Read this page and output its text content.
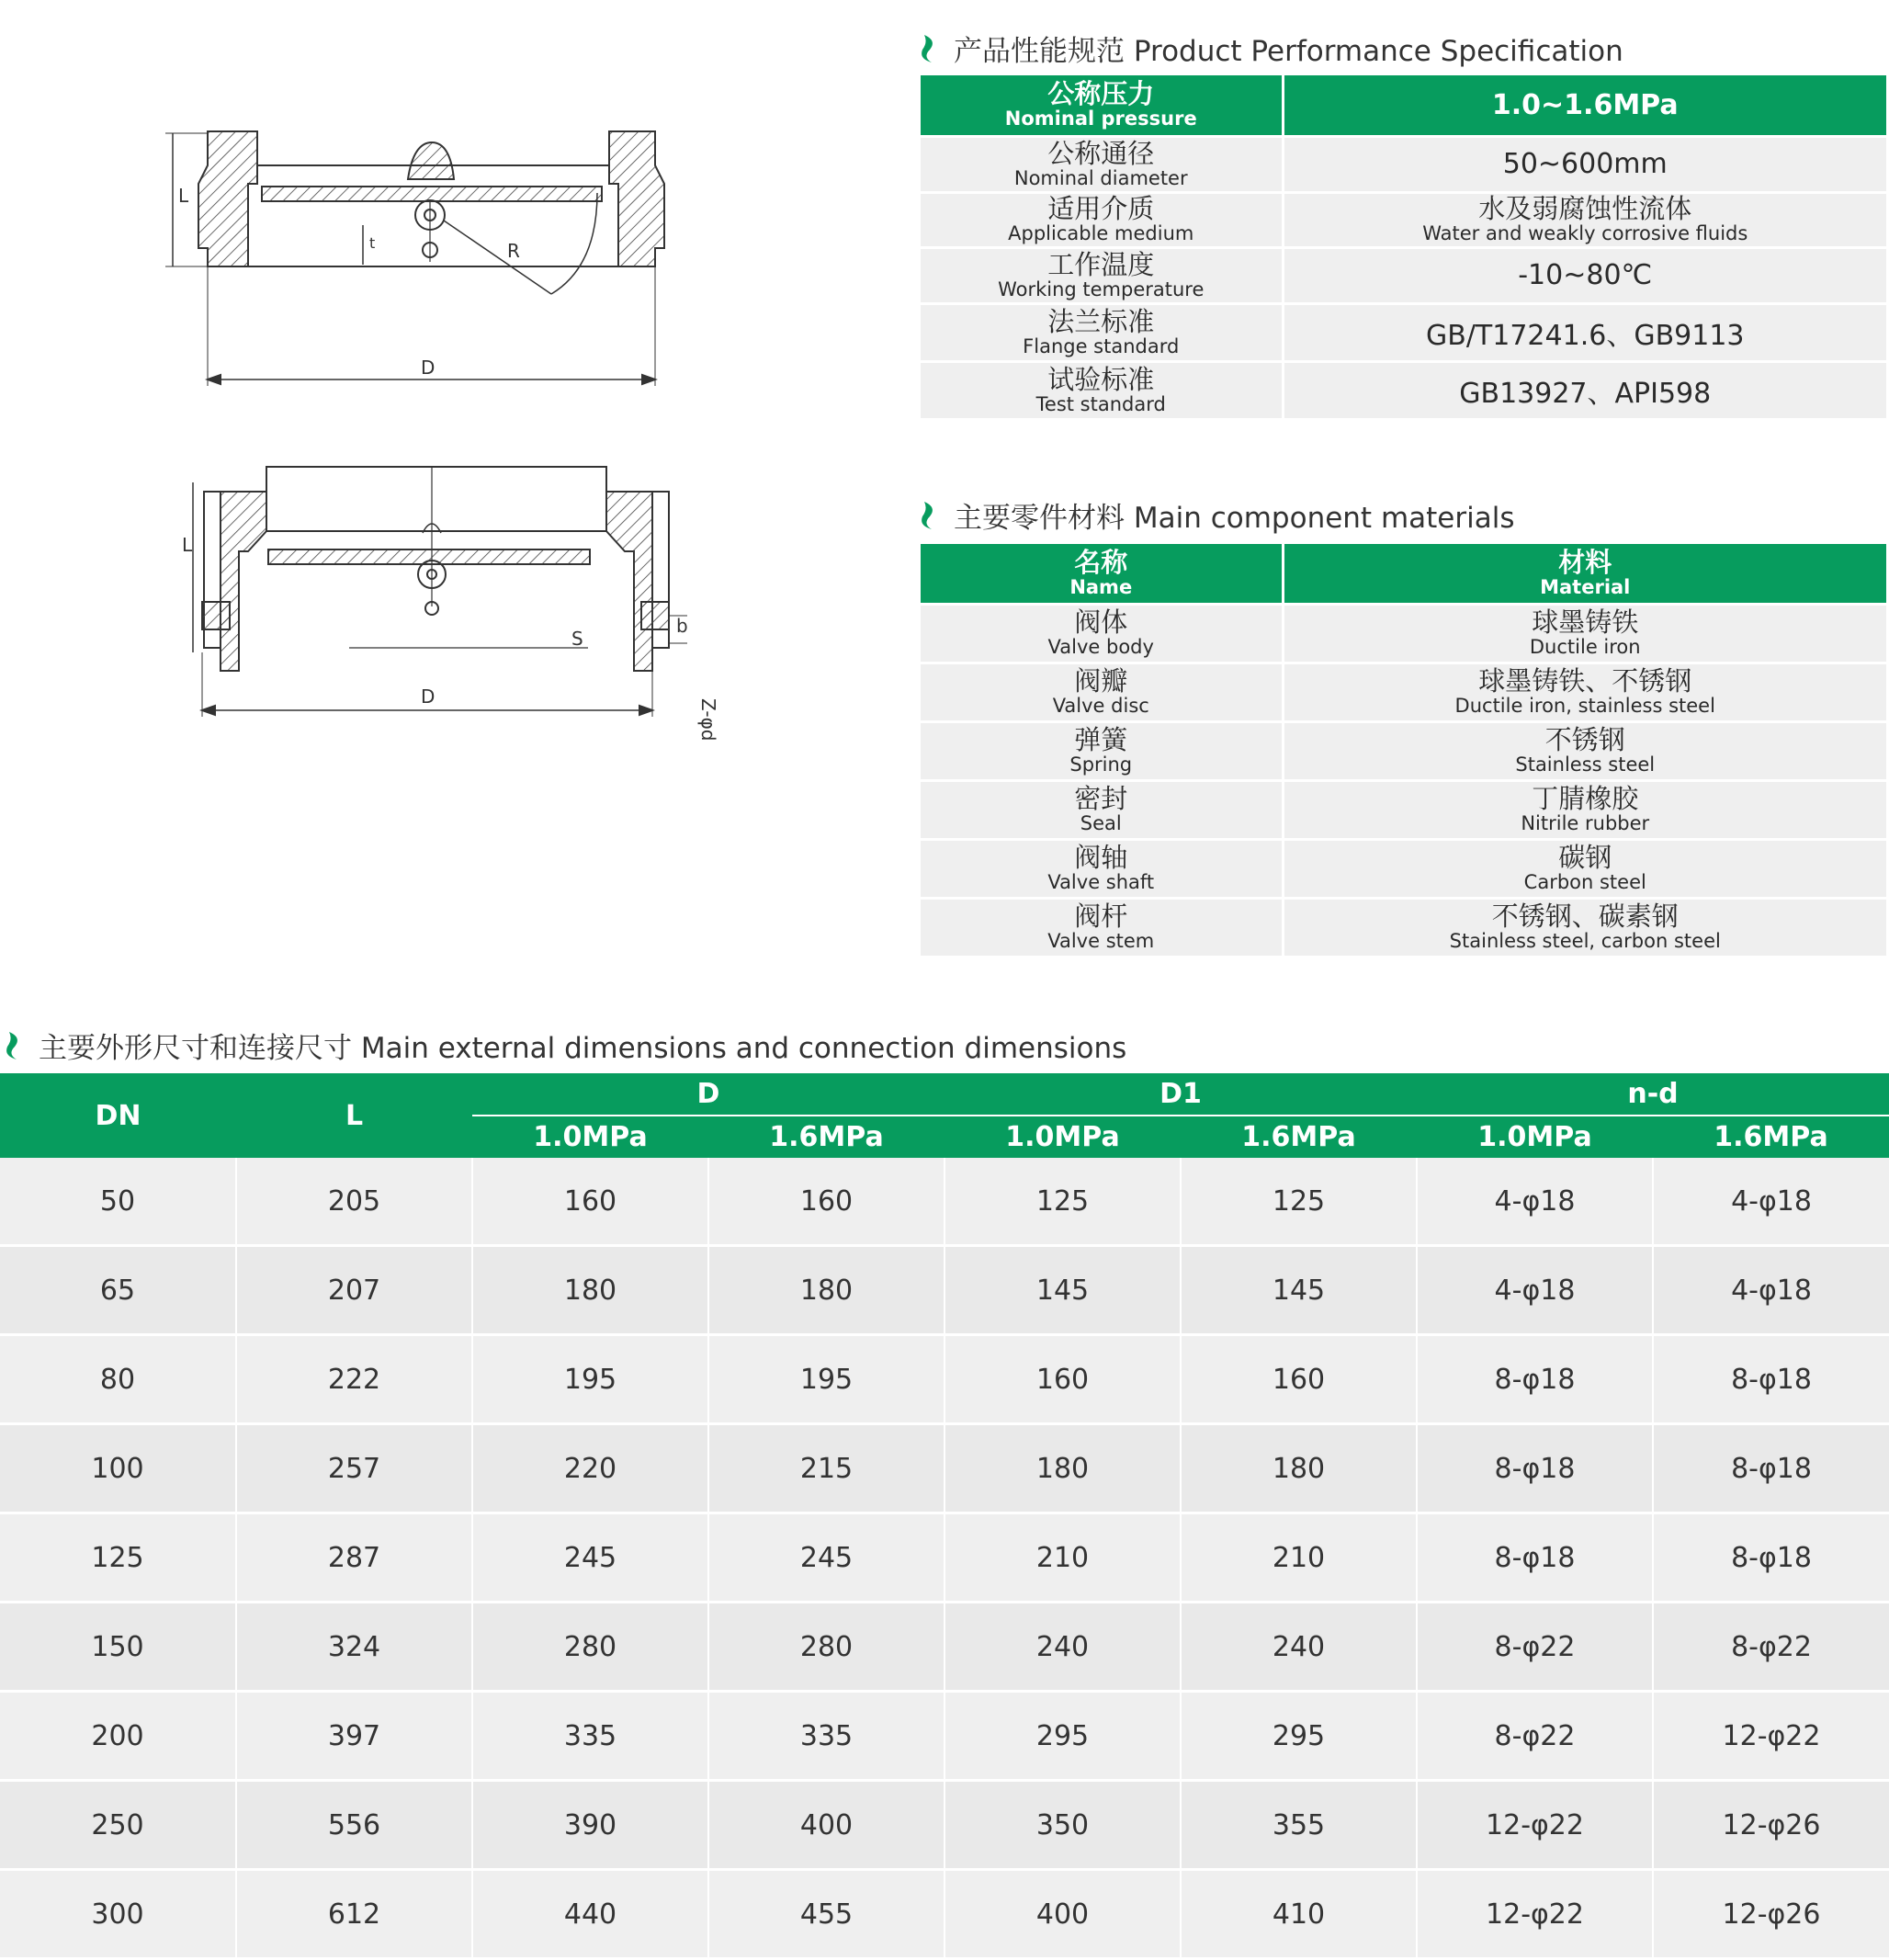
L
t	R
D
L
S
b
Z-φd
D
产品性能规范 Product Performance Specification
公称压力
Nominal pressure	1.0~1.6MPa

公称通径
Nominal diameter	50~600mm

适用介质
Applicable medium	水及弱腐蚀性流体
Water and weakly corrosive fluids

工作温度
Working temperature	-10~80℃

法兰标准
Flange standard	GB/T17241.6、GB9113

试验标准
Test standard	GB13927、API598
主要零件材料 Main component materials
名称
Name	材料
Material

阀体
Valve body	球墨铸铁
Ductile iron

阀瓣
Valve disc	球墨铸铁、不锈钢
Ductile iron, stainless steel

弹簧
Spring	不锈钢
Stainless steel

密封
Seal	丁腈橡胶
Nitrile rubber

阀轴
Valve shaft	碳钢
Carbon steel

阀杆
Valve stem	不锈钢、碳素钢
Stainless steel, carbon steel
主要外形尺寸和连接尺寸 Main external dimensions and connection dimensions
DN	L	D		D1		n-d	
		1.0MPa	1.6MPa	1.0MPa	1.6MPa	1.0MPa	1.6MPa
50	205	160	160	125	125	4-φ18	4-φ18
65	207	180	180	145	145	4-φ18	4-φ18
80	222	195	195	160	160	8-φ18	8-φ18
100	257	220	215	180	180	8-φ18	8-φ18
125	287	245	245	210	210	8-φ18	8-φ18
150	324	280	280	240	240	8-φ22	8-φ22
200	397	335	335	295	295	8-φ22	12-φ22
250	556	390	400	350	355	12-φ22	12-φ26
300	612	440	455	400	410	12-φ22	12-φ26
